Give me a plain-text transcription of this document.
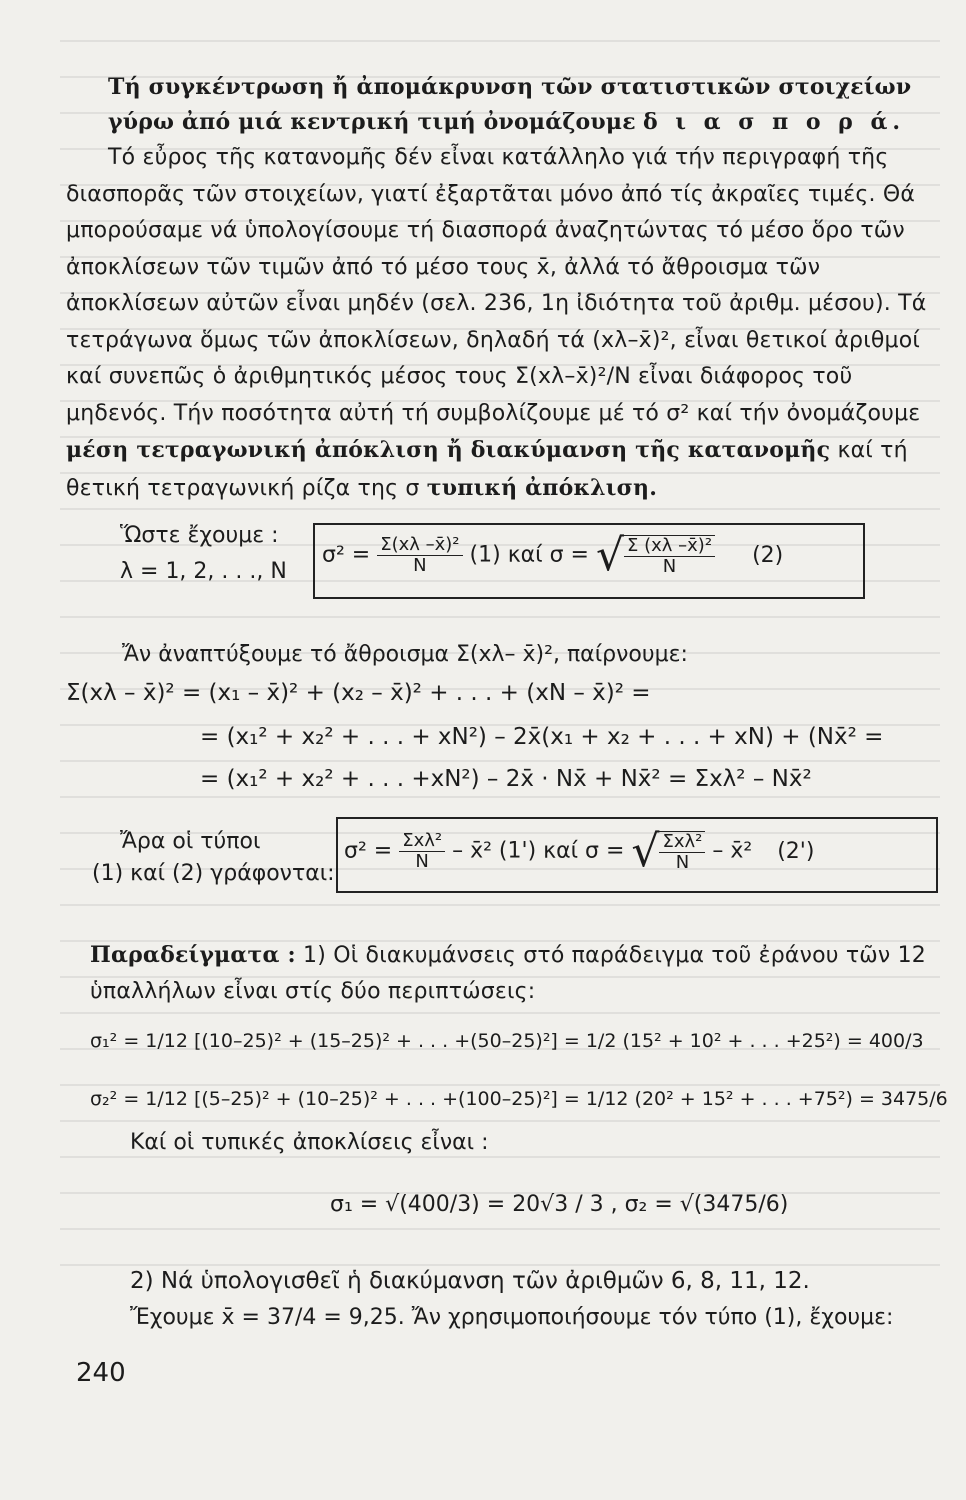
Τή συγκέντρωση ἤ ἀπομάκρυνση τῶν στατιστικῶν στοιχείων γύρω ἀπό μιά κεντρική τιμή ὀνομάζουμε δ ι α σ π ο ρ ά.
Τό εὖρος τῆς κατανομῆς δέν εἶναι κατάλληλο γιά τήν περιγραφή τῆς διασπορᾶς τῶν στοιχείων, γιατί ἐξαρτᾶται μόνο ἀπό τίς ἀκραῖες τιμές. Θά μπορούσαμε νά ὑπολογίσουμε τή διασπορά ἀναζητώντας τό μέσο ὅρο τῶν ἀποκλίσεων τῶν τιμῶν ἀπό τό μέσο τους x̄, ἀλλά τό ἄθροισμα τῶν ἀποκλίσεων αὐτῶν εἶναι μηδέν (σελ. 236, 1η ἰδιότητα τοῦ ἀριθμ. μέσου). Τά τετράγωνα ὅμως τῶν ἀποκλίσεων, δηλαδή τά (xλ–x̄)², εἶναι θετικοί ἀριθμοί καί συνεπῶς ὁ ἀριθμητικός μέσος τους Σ(xλ–x̄)²/N εἶναι διάφορος τοῦ μηδενός. Τήν ποσότητα αὐτή τή συμβολίζουμε μέ τό σ² καί τήν ὀνομάζουμε μέση τετραγωνική ἀπόκλιση ἤ διακύμανση τῆς κατανομῆς καί τή θετική τετραγωνική ρίζα της σ τυπική ἀπόκλιση.
Ὥστε ἔχουμε :
λ = 1, 2, . . ., N
$\sigma^2 = \frac{\text{Σ(xλ –x̄)²}}{N} (1)$ καί σ = √ $\frac{\text{Σ (xλ –x̄)²}}{N} (2)$
Ἄν ἀναπτύξουμε τό ἄθροισμα Σ(xλ– x̄)², παίρνουμε:
Σ(xλ – x̄)² = (x₁ – x̄)² + (x₂ – x̄)² + . . . + (xN – x̄)² =
= (x₁² + x₂² + . . . + xN²) – 2x̄(x₁ + x₂ + . . . + xN) + (Nx̄² =
= (x₁² + x₂² + . . . +xN²) – 2x̄ · Nx̄ + Nx̄² = Σxλ² – Nx̄²
Ἄρα οἱ τύποι
(1) καί (2) γράφονται:
$\sigma^2 = \frac{\text{Σxλ²}}{N}$ – x̄² (1') καί σ = √ $\frac{\text{Σxλ²}}{N}$ – x̄² (2')
Παραδείγματα : 1) Οἱ διακυμάνσεις στό παράδειγμα τοῦ ἐράνου τῶν 12 ὑπαλλήλων εἶναι στίς δύο περιπτώσεις:
σ₁² = 1/12 [(10–25)² + (15–25)² + . . . +(50–25)²] = 1/2 (15² + 10² + . . . +25²) = 400/3
σ₂² = 1/12 [(5–25)² + (10–25)² + . . . +(100–25)²] = 1/12 (20² + 15² + . . . +75²) = 3475/6
Καί οἱ τυπικές ἀποκλίσεις εἶναι :
σ₁ = √(400/3) = 20√3 / 3 , σ₂ = √(3475/6)
2) Νά ὑπολογισθεῖ ἡ διακύμανση τῶν ἀριθμῶν 6, 8, 11, 12.
Ἔχουμε x̄ = 37/4 = 9,25. Ἄν χρησιμοποιήσουμε τόν τύπο (1), ἔχουμε:
240
